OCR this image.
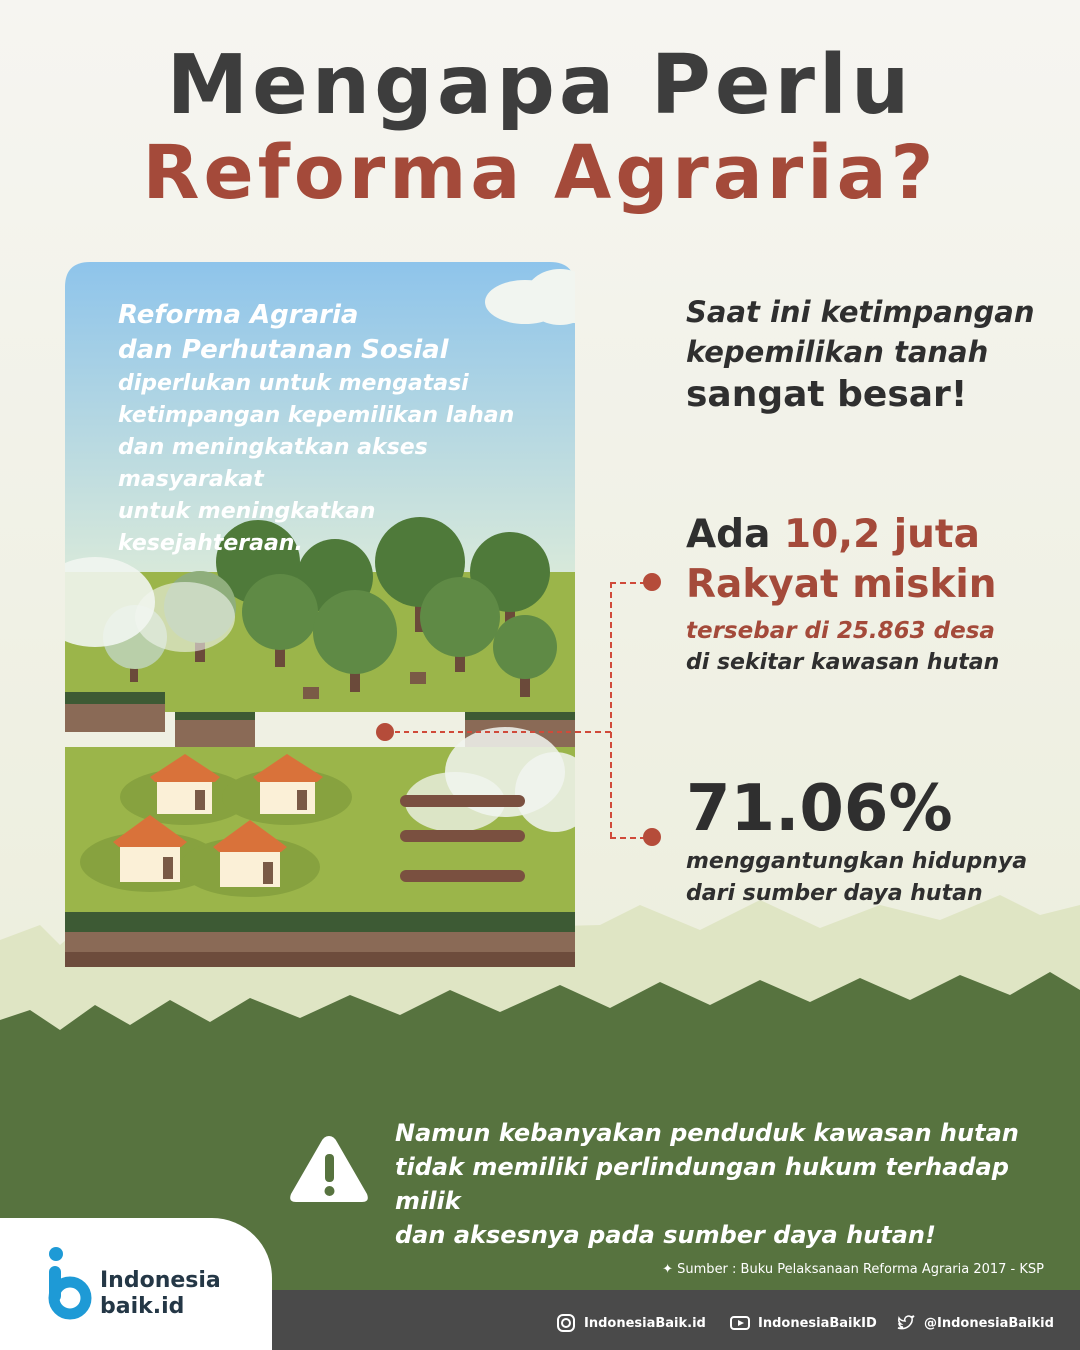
Mengapa Perlu
Reforma Agraria?
Reforma Agraria
dan Perhutanan Sosial
diperlukan untuk mengatasi
ketimpangan kepemilikan lahan
dan meningkatkan akses masyarakat
untuk meningkatkan kesejahteraan.
Saat ini ketimpangan
kepemilikan tanah
sangat besar!
Ada 10,2 juta
Rakyat miskin
tersebar di 25.863 desa
di sekitar kawasan hutan
71.06%
menggantungkan hidupnya
dari sumber daya hutan
Namun kebanyakan penduduk kawasan hutan
tidak memiliki perlindungan hukum terhadap milik
dan aksesnya pada sumber daya hutan!
✦ Sumber : Buku Pelaksanaan Reforma Agraria 2017 - KSP
IndonesiaBaik.id	IndonesiaBaikID	@IndonesiaBaikid
Indonesia
baik.id
